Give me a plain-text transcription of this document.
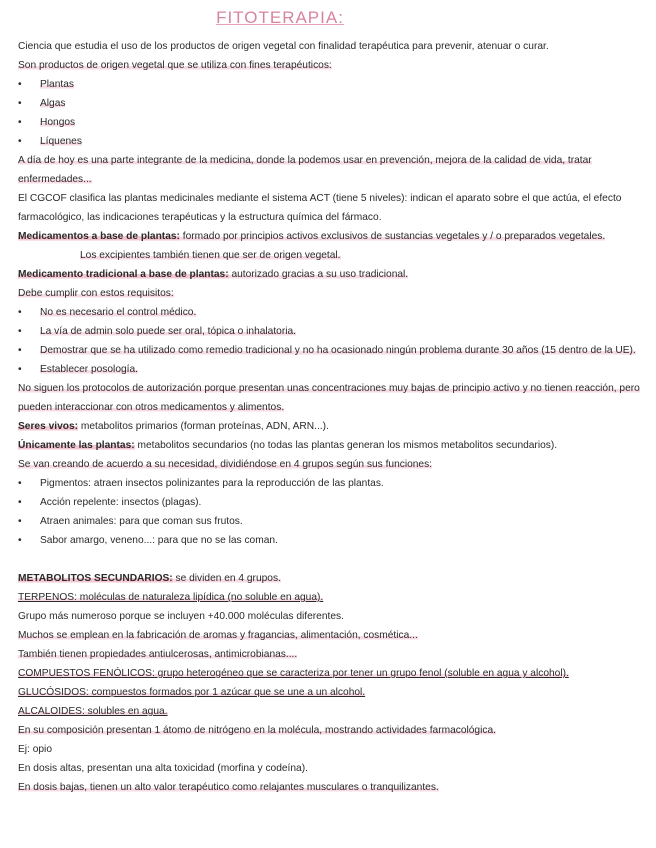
FITOTERAPIA:
Ciencia que estudia el uso de los productos de origen vegetal con finalidad terapéutica para prevenir, atenuar o curar.
Son productos de origen vegetal que se utiliza con fines terapéuticos:
• Plantas
• Algas
• Hongos
• Líquenes
A día de hoy es una parte integrante de la medicina, donde la podemos usar en prevención, mejora de la calidad de vida, tratar
enfermedades...
El CGCOF clasifica las plantas medicinales mediante el sistema ACT (tiene 5 niveles): indican el aparato sobre el que actúa, el efecto
farmacológico, las indicaciones terapéuticas y la estructura química del fármaco.
Medicamentos a base de plantas: formado por principios activos exclusivos de sustancias vegetales y / o preparados vegetales.
Los excipientes también tienen que ser de origen vegetal.
Medicamento tradicional a base de plantas: autorizado gracias a su uso tradicional.
Debe cumplir con estos requisitos:
• No es necesario el control médico.
• La vía de admin solo puede ser oral, tópica o inhalatoria.
• Demostrar que se ha utilizado como remedio tradicional y no ha ocasionado ningún problema durante 30 años (15 dentro de la UE).
• Establecer posología.
No siguen los protocolos de autorización porque presentan unas concentraciones muy bajas de principio activo y no tienen reacción, pero
pueden interaccionar con otros medicamentos y alimentos.
Seres vivos: metabolitos primarios (forman proteínas, ADN, ARN...).
Únicamente las plantas: metabolitos secundarios (no todas las plantas generan los mismos metabolitos secundarios).
Se van creando de acuerdo a su necesidad, dividiéndose en 4 grupos según sus funciones:
• Pigmentos: atraen insectos polinizantes para la reproducción de las plantas.
• Acción repelente: insectos (plagas).
• Atraen animales: para que coman sus frutos.
• Sabor amargo, veneno...: para que no se las coman.
METABOLITOS SECUNDARIOS: se dividen en 4 grupos.
TERPENOS: moléculas de naturaleza lipídica (no soluble en agua).
Grupo más numeroso porque se incluyen +40.000 moléculas diferentes.
Muchos se emplean en la fabricación de aromas y fragancias, alimentación, cosmética...
También tienen propiedades antiulcerosas, antimicrobianas....
COMPUESTOS FENÓLICOS: grupo heterogéneo que se caracteriza por tener un grupo fenol (soluble en agua y alcohol).
GLUCÓSIDOS: compuestos formados por 1 azúcar que se une a un alcohol.
ALCALOIDES: solubles en agua.
En su composición presentan 1 átomo de nitrógeno en la molécula, mostrando actividades farmacológica.
Ej: opio
En dosis altas, presentan una alta toxicidad (morfina y codeína).
En dosis bajas, tienen un alto valor terapéutico como relajantes musculares o tranquilizantes.
